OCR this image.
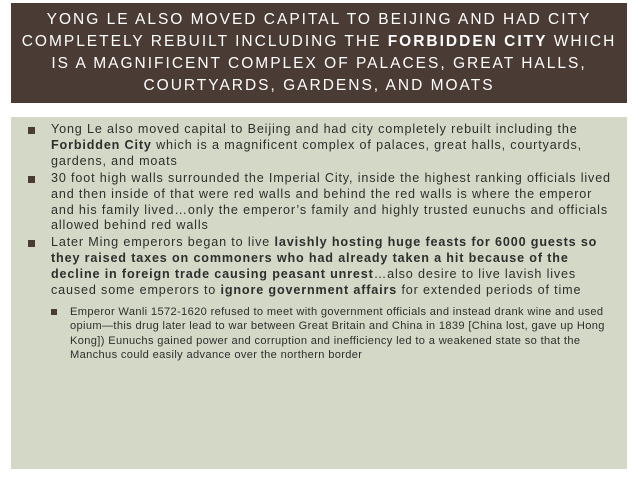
YONG LE ALSO MOVED CAPITAL TO BEIJING AND HAD CITY COMPLETELY REBUILT INCLUDING THE FORBIDDEN CITY WHICH IS A MAGNIFICENT COMPLEX OF PALACES, GREAT HALLS, COURTYARDS, GARDENS, AND MOATS
Yong Le also moved capital to Beijing and had city completely rebuilt including the Forbidden City which is a magnificent complex of palaces, great halls, courtyards, gardens, and moats
30 foot high walls surrounded the Imperial City, inside the highest ranking officials lived and then inside of that were red walls and behind the red walls is where the emperor and his family lived…only the emperor’s family and highly trusted eunuchs and officials allowed behind red walls
Later Ming emperors began to live lavishly hosting huge feasts for 6000 guests so they raised taxes on commoners who had already taken a hit because of the decline in foreign trade causing peasant unrest…also desire to live lavish lives caused some emperors to ignore government affairs for extended periods of time
Emperor Wanli 1572-1620 refused to meet with government officials and instead drank wine and used opium—this drug later lead to war between Great Britain and China in 1839 [China lost, gave up Hong Kong]) Eunuchs gained power and corruption and inefficiency led to a weakened state so that the Manchus could easily advance over the northern border
